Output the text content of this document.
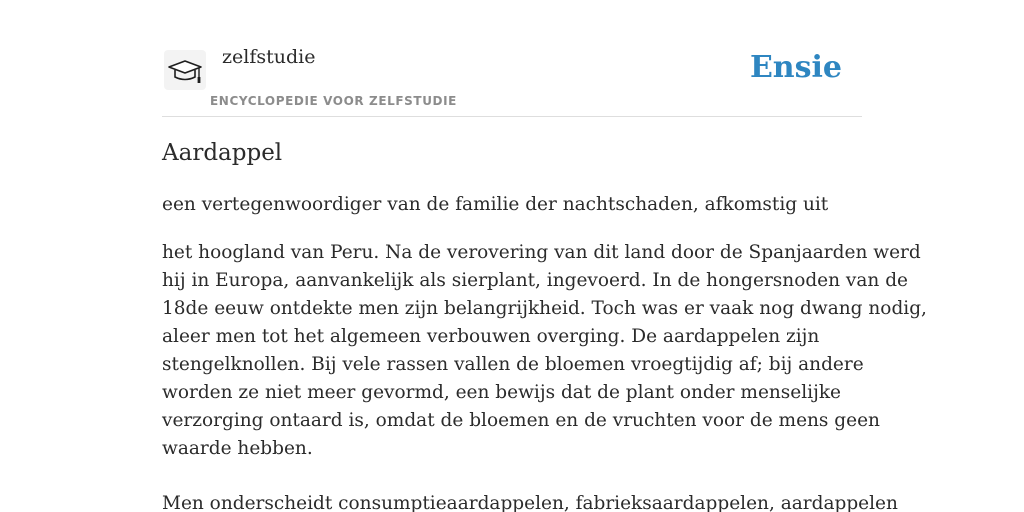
zelfstudie
ENCYCLOPEDIE VOOR ZELFSTUDIE
Ensie
Aardappel

een vertegenwoordiger van de familie der nachtschaden, afkomstig uit

het hoogland van Peru. Na de verovering van dit land door de Spanjaarden werd
hij in Europa, aanvankelijk als sierplant, ingevoerd. In de hongersnoden van de
18de eeuw ontdekte men zijn belangrijkheid. Toch was er vaak nog dwang nodig,
aleer men tot het algemeen verbouwen overging. De aardappelen zijn
stengelknollen. Bij vele rassen vallen de bloemen vroegtijdig af; bij andere
worden ze niet meer gevormd, een bewijs dat de plant onder menselijke
verzorging ontaard is, omdat de bloemen en de vruchten voor de mens geen
waarde hebben.
Men onderscheidt consumptieaardappelen, fabrieksaardappelen, aardappelen
